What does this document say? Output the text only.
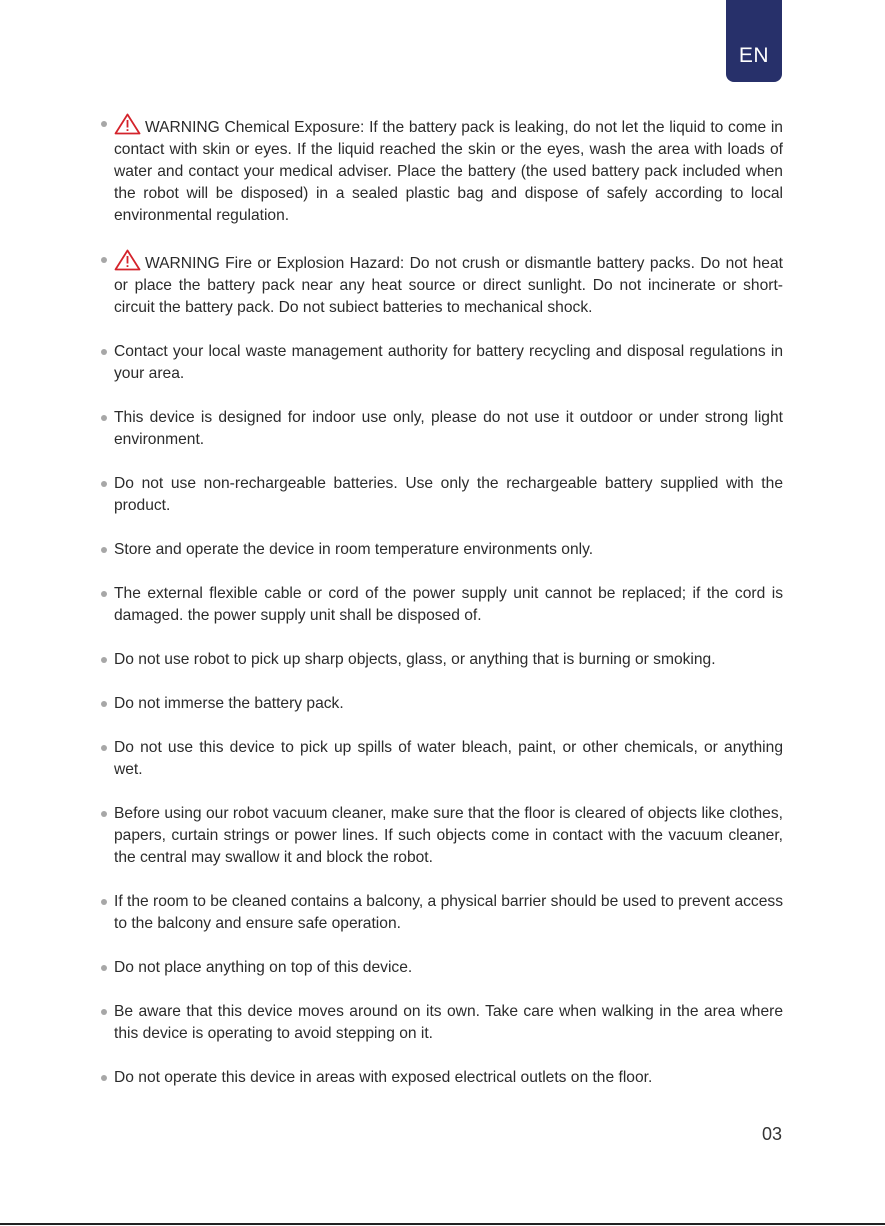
EN
WARNING Chemical Exposure: If the battery pack is leaking, do not let the liquid to come in contact with skin or eyes. If the liquid reached the skin or the eyes, wash the area with loads of water and contact your medical adviser. Place the battery (the used battery pack included when the robot will be disposed) in a sealed plastic bag and dispose of safely according to local environmental regulation.
WARNING Fire or Explosion Hazard: Do not crush or dismantle battery packs. Do not heat or place the battery pack near any heat source or direct sunlight. Do not incinerate or short-circuit the battery pack. Do not subiect batteries to mechanical shock.
Contact your local waste management authority for battery recycling and disposal regulations in your area.
This device is designed for indoor use only, please do not use it outdoor or under strong light environment.
Do not use non-rechargeable batteries. Use only the rechargeable battery supplied with the product.
Store and operate the device in room temperature environments only.
The external flexible cable or cord of the power supply unit cannot be replaced; if the cord is damaged. the power supply unit shall be disposed of.
Do not use robot to pick up sharp objects, glass, or anything that is burning or smoking.
Do not immerse the battery pack.
Do not use this device to pick up spills of water bleach, paint, or other chemicals, or anything wet.
Before using our robot vacuum cleaner, make sure that the floor is cleared of objects like clothes, papers, curtain strings or power lines. If such objects come in contact with the vacuum cleaner, the central may swallow it and block the robot.
If the room to be cleaned contains a balcony, a physical barrier should be used to prevent access to the balcony and ensure safe operation.
Do not place anything on top of this device.
Be aware that this device moves around on its own. Take care when walking in the area where this device is operating to avoid stepping on it.
Do not operate this device in areas with exposed electrical outlets on the floor.
03
